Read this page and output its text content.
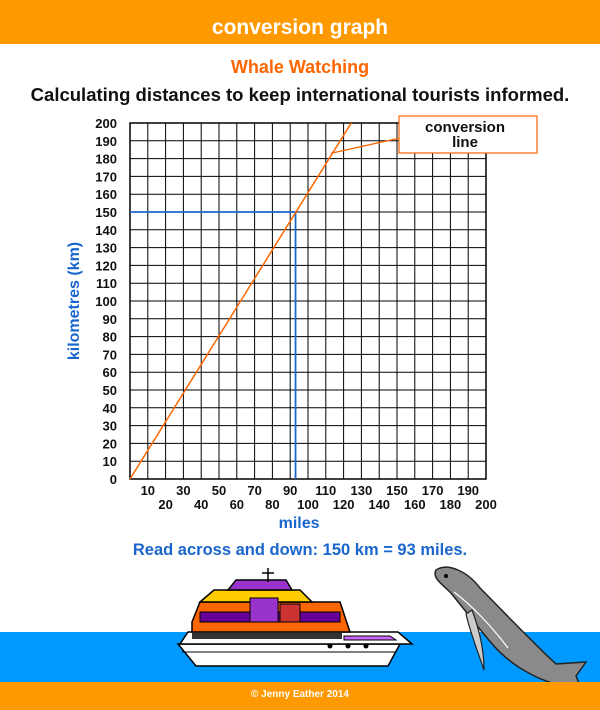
conversion graph
Whale Watching
Calculating distances to keep international tourists informed.
0
10
20
30
40
50
60
70
80
90
100
110
120
130
140
150
160
170
180
190
200
10
20
30
40
50
60
70
80
90
100
110
120
130
140
150
160
170
180
190
200
miles
kilometres (km)
conversion
line
Read across and down: 150 km = 93 miles.
© Jenny Eather 2014
